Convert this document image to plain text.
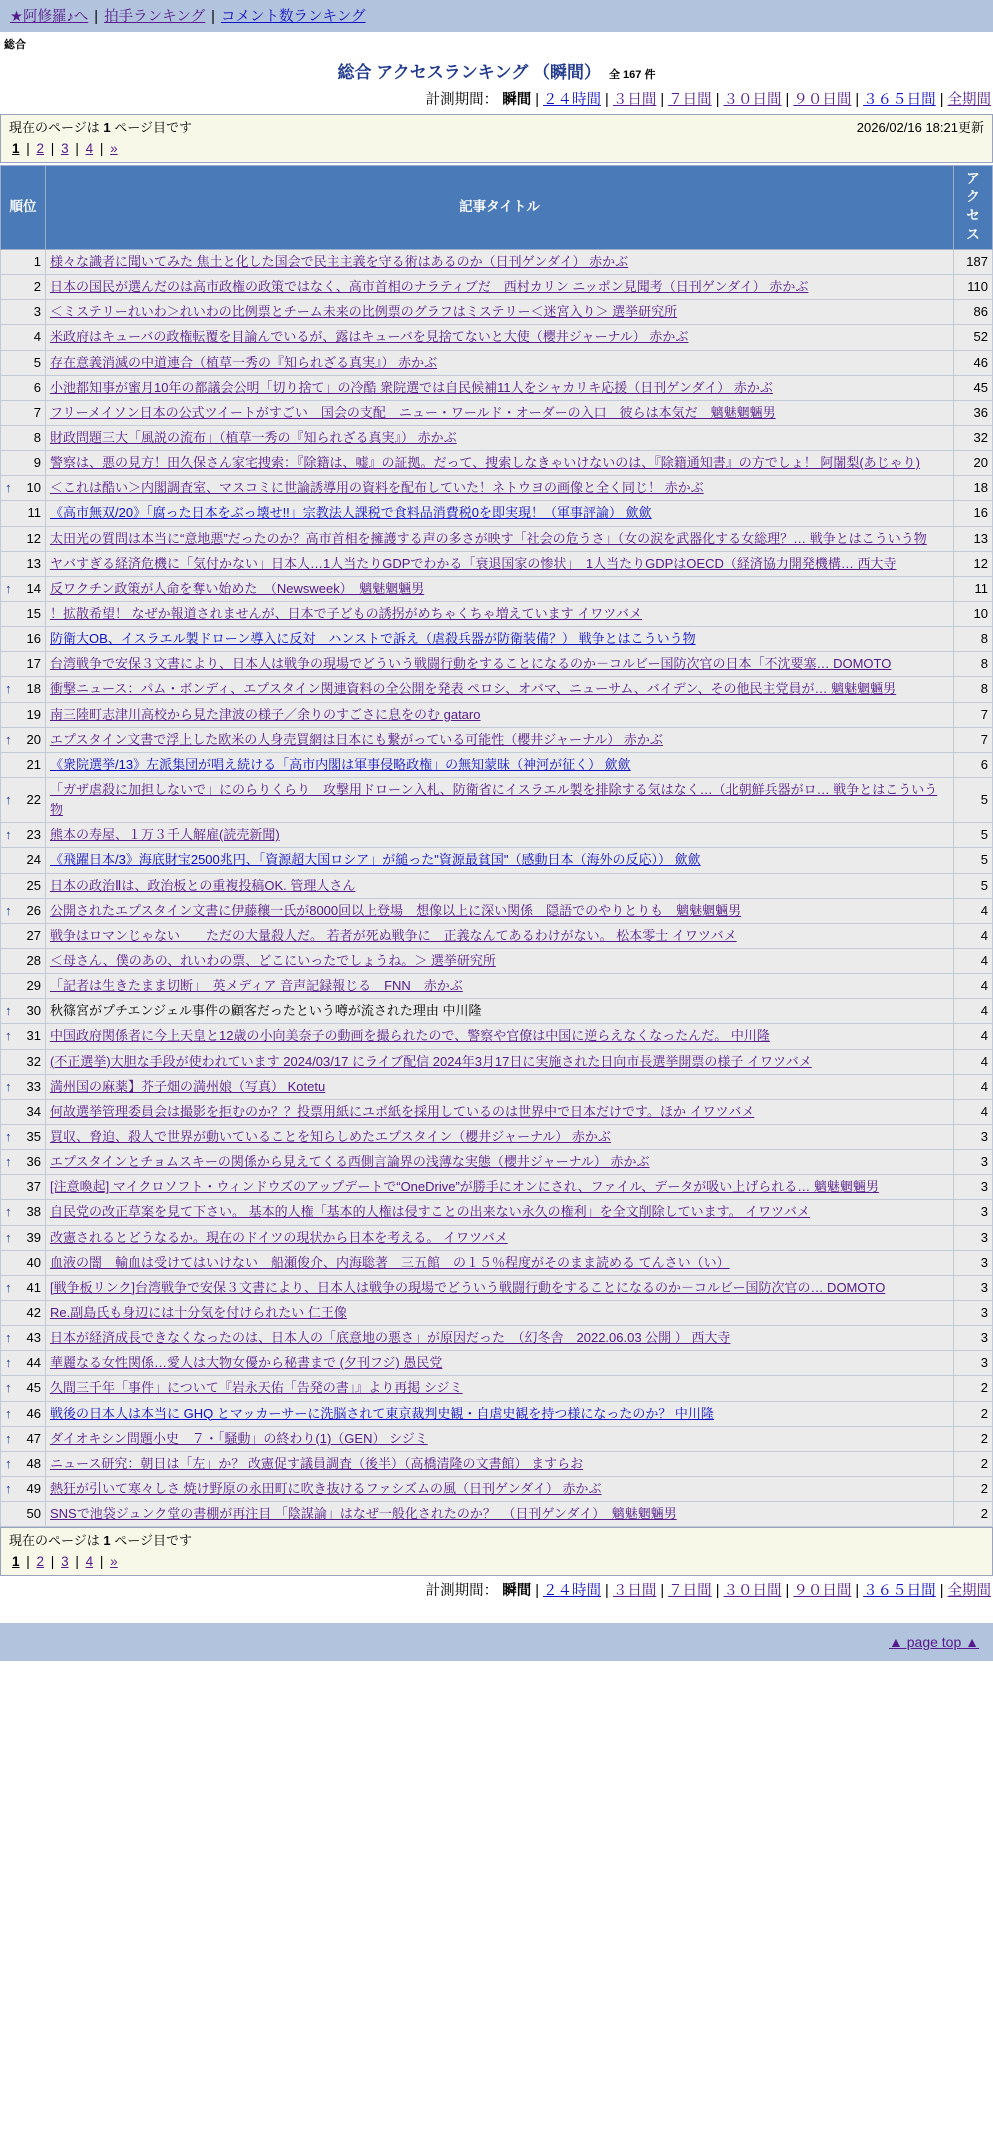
★阿修羅♪へ | 拍手ランキング | コメント数ランキング
総合
総合 アクセスランキング （瞬間） 全 167 件
計測期間： 瞬間 | ２４時間 | ３日間 | ７日間 | ３０日間 | ９０日間 | ３６５日間 | 全期間
現在のページは 1 ページ目です	2026/02/16 18:21更新
1 | 2 | 3 | 4 | »
順位	記事タイトル	アクセス

1	様々な識者に聞いてみた 焦土と化した国会で民主主義を守る術はあるのか（日刊ゲンダイ） 赤かぶ	187

2	日本の国民が選んだのは高市政権の政策ではなく、高市首相のナラティブだ　西村カリン ニッポン見聞考（日刊ゲンダイ） 赤かぶ	110

3	＜ミステリーれいわ＞れいわの比例票とチーム未来の比例票のグラフはミステリー＜迷宮入り＞ 選挙研究所	86

4	米政府はキューバの政権転覆を目論んでいるが、露はキューバを見捨てないと大使（櫻井ジャーナル） 赤かぶ	52

5	存在意義消滅の中道連合（植草一秀の『知られざる真実』） 赤かぶ	46

6	小池都知事が蜜月10年の都議会公明「切り捨て」の冷酷 衆院選では自民候補11人をシャカリキ応援（日刊ゲンダイ） 赤かぶ	45

7	フリーメイソン日本の公式ツイートがすごい　国会の支配　ニュー・ワールド・オーダーの入口　彼らは本気だ　魑魅魍魎男	36

8	財政問題三大「風説の流布」（植草一秀の『知られざる真実』） 赤かぶ	32

9	警察は、悪の見方！田久保さん家宅捜索：『除籍は、嘘』の証拠。だって、捜索しなきゃいけないのは、『除籍通知書』の方でしょ！ 阿闍梨(あじゃり)	20

↑ 10	＜これは酷い＞内閣調査室、マスコミに世論誘導用の資料を配布していた！ネトウヨの画像と全く同じ！ 赤かぶ	18

11	《高市無双/20》「腐った日本をぶっ壊せ!!」宗教法人課税で食料品消費税0を即実現！（軍事評論） 歛歛	16

12	太田光の質問は本当に“意地悪”だったのか？高市首相を擁護する声の多さが映す「社会の危うさ」（女の涙を武器化する女総理？… 戦争とはこういう物	13

13	ヤバすぎる経済危機に「気付かない」日本人…1人当たりGDPでわかる「衰退国家の惨状」　1人当たりGDPはOECD（経済協力開発機構… 西大寺	12

↑ 14	反ワクチン政策が人命を奪い始めた　（Newsweek）　魑魅魍魎男	11

15	！拡散希望！ なぜか報道されませんが、日本で子どもの誘拐がめちゃくちゃ増えています イワツバメ	10

16	防衛大OB、イスラエル製ドローン導入に反対　ハンストで訴え（虐殺兵器が防衛装備？） 戦争とはこういう物	8

17	台湾戦争で安保３文書により、日本人は戦争の現場でどういう戦闘行動をすることになるのか－コルビー国防次官の日本「不沈要塞… DOMOTO	8

↑ 18	衝撃ニュース：パム・ボンディ、エプスタイン関連資料の全公開を発表 ペロシ、オバマ、ニューサム、バイデン、その他民主党員が… 魑魅魍魎男	8

19	南三陸町志津川高校から見た津波の様子／余りのすごさに息をのむ gataro	7

↑ 20	エプスタイン文書で浮上した欧米の人身売買網は日本にも繋がっている可能性（櫻井ジャーナル） 赤かぶ	7

21	《衆院選挙/13》左派集団が唱え続ける「高市内閣は軍事侵略政権」の無知蒙昧（神河が征く） 歛歛	6

↑ 22	「ガザ虐殺に加担しないで」にのらりくらり　攻撃用ドローン入札、防衛省にイスラエル製を排除する気はなく…（北朝鮮兵器がロ… 戦争とはこういう物	5

↑ 23	熊本の寿屋、１万３千人解雇(読売新聞)	5

24	《飛躍日本/3》海底財宝2500兆円、「資源超大国ロシア」が縋った"資源最貧国"（感動日本（海外の反応）） 歛歛	5

25	日本の政治Ⅱは、政治板との重複投稿OK. 管理人さん	5

↑ 26	公開されたエプスタイン文書に伊藤穰一氏が8000回以上登場　想像以上に深い関係　隠語でのやりとりも　魑魅魍魎男	4

27	戦争はロマンじゃない　　ただの大量殺人だ。 若者が死ぬ戦争に　正義なんてあるわけがない。 松本零士 イワツバメ	4

28	＜母さん、僕のあの、れいわの票、どこにいったでしょうね。＞ 選挙研究所	4

29	「記者は生きたまま切断」　英メディア 音声記録報じる　FNN　赤かぶ	4

↑ 30	秋篠宮がプチエンジェル事件の顧客だったという噂が流された理由 中川隆	4

↑ 31	中国政府関係者に今上天皇と12歳の小向美奈子の動画を撮られたので、警察や官僚は中国に逆らえなくなったんだ。 中川隆	4

32	(不正選挙)大胆な手段が使われています 2024/03/17 にライブ配信 2024年3月17日に実施された日向市長選挙開票の様子 イワツバメ	4

↑ 33	満州国の麻薬】芥子畑の満州娘（写真） Kotetu	4

34	何故選挙管理委員会は撮影を拒むのか？？投票用紙にユポ紙を採用しているのは世界中で日本だけです。ほか イワツバメ	4

↑ 35	買収、脅迫、殺人で世界が動いていることを知らしめたエプスタイン（櫻井ジャーナル） 赤かぶ	3

↑ 36	エプスタインとチョムスキーの関係から見えてくる西側言論界の浅薄な実態（櫻井ジャーナル） 赤かぶ	3

37	[注意喚起] マイクロソフト・ウィンドウズのアップデートで“OneDrive”が勝手にオンにされ、ファイル、データが吸い上げられる… 魑魅魍魎男	3

↑ 38	自民党の改正草案を見て下さい。 基本的人権「基本的人権は侵すことの出来ない永久の権利」を全文削除しています。 イワツバメ	3

↑ 39	改憲されるとどうなるか。現在のドイツの現状から日本を考える。 イワツバメ	3

40	血液の闇　輸血は受けてはいけない　船瀬俊介、内海聡著　三五館　の１５％程度がそのまま読める てんさい（い）	3

↑ 41	[戦争板リンク]台湾戦争で安保３文書により、日本人は戦争の現場でどういう戦闘行動をすることになるのか－コルビー国防次官の… DOMOTO	3

42	Re.副島氏も身辺には十分気を付けられたい 仁王像	3

↑ 43	日本が経済成長できなくなったのは、日本人の「底意地の悪さ」が原因だった　（幻冬舎　2022.06.03 公開 ） 西大寺	3

↑ 44	華麗なる女性関係…愛人は大物女優から秘書まで (夕刊フジ) 愚民党	3

↑ 45	久間三千年「事件」について『岩永天佑「告発の書」』より再掲 シジミ	2

↑ 46	戦後の日本人は本当に GHQ とマッカーサーに洗脳されて東京裁判史観・自虐史観を持つ様になったのか？ 中川隆	2

↑ 47	ダイオキシン問題小史　７・「騒動」の終わり(1)（GEN） シジミ	2

↑ 48	ニュース研究：朝日は「左」か？ 改憲促す議員調査（後半）（高橋清隆の文書館） ますらお	2

↑ 49	熱狂が引いて寒々しさ 焼け野原の永田町に吹き抜けるファシズムの風（日刊ゲンダイ） 赤かぶ	2

50	SNSで池袋ジュンク堂の書棚が再注目 「陰謀論」はなぜ一般化されたのか？　（日刊ゲンダイ）　魑魅魍魎男	2
現在のページは 1 ページ目です
1 | 2 | 3 | 4 | »
計測期間： 瞬間 | ２４時間 | ３日間 | ７日間 | ３０日間 | ９０日間 | ３６５日間 | 全期間
▲ page top ▲
